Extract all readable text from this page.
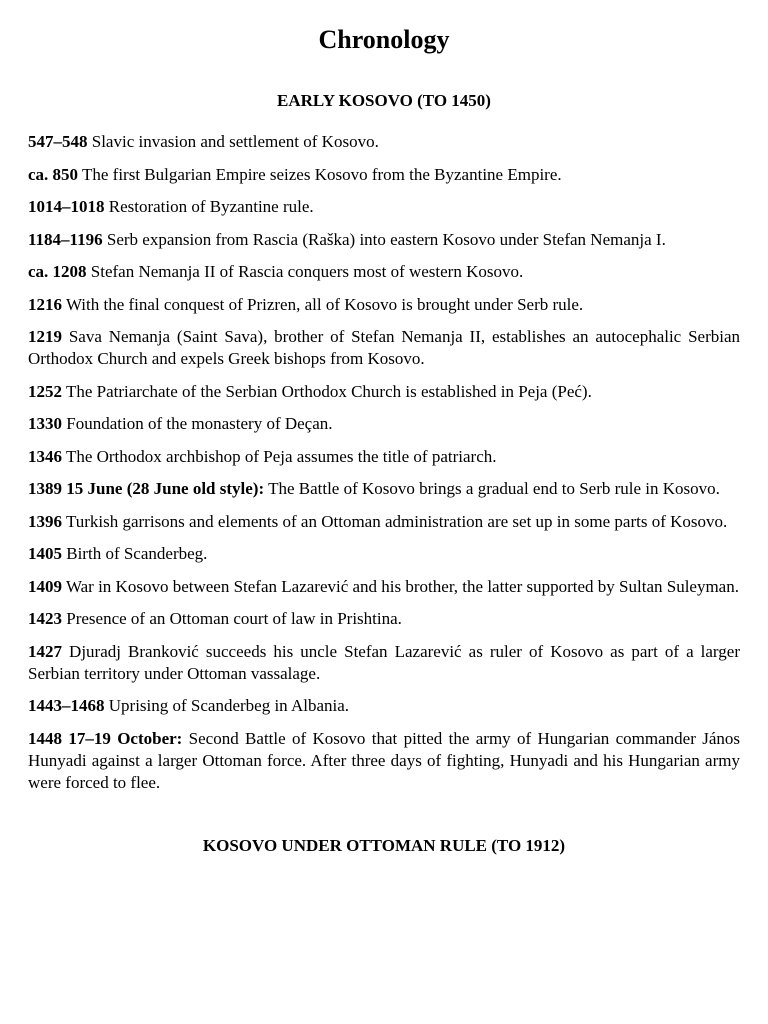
Chronology
EARLY KOSOVO (TO 1450)

547–548 Slavic invasion and settlement of Kosovo.

ca. 850 The first Bulgarian Empire seizes Kosovo from the Byzantine Empire.

1014–1018 Restoration of Byzantine rule.

1184–1196 Serb expansion from Rascia (Raška) into eastern Kosovo under Stefan Nemanja I.

ca. 1208 Stefan Nemanja II of Rascia conquers most of western Kosovo.

1216 With the final conquest of Prizren, all of Kosovo is brought under Serb rule.

1219 Sava Nemanja (Saint Sava), brother of Stefan Nemanja II, establishes an autocephalic Serbian Orthodox Church and expels Greek bishops from Kosovo.

1252 The Patriarchate of the Serbian Orthodox Church is established in Peja (Peć).

1330 Foundation of the monastery of Deçan.

1346 The Orthodox archbishop of Peja assumes the title of patriarch.

1389 15 June (28 June old style): The Battle of Kosovo brings a gradual end to Serb rule in Kosovo.

1396 Turkish garrisons and elements of an Ottoman administration are set up in some parts of Kosovo.

1405 Birth of Scanderbeg.

1409 War in Kosovo between Stefan Lazarević and his brother, the latter supported by Sultan Suleyman.

1423 Presence of an Ottoman court of law in Prishtina.

1427 Djuradj Branković succeeds his uncle Stefan Lazarević as ruler of Kosovo as part of a larger Serbian territory under Ottoman vassalage.

1443–1468 Uprising of Scanderbeg in Albania.

1448 17–19 October: Second Battle of Kosovo that pitted the army of Hungarian commander János Hunyadi against a larger Ottoman force. After three days of fighting, Hunyadi and his Hungarian army were forced to flee.

KOSOVO UNDER OTTOMAN RULE (TO 1912)
